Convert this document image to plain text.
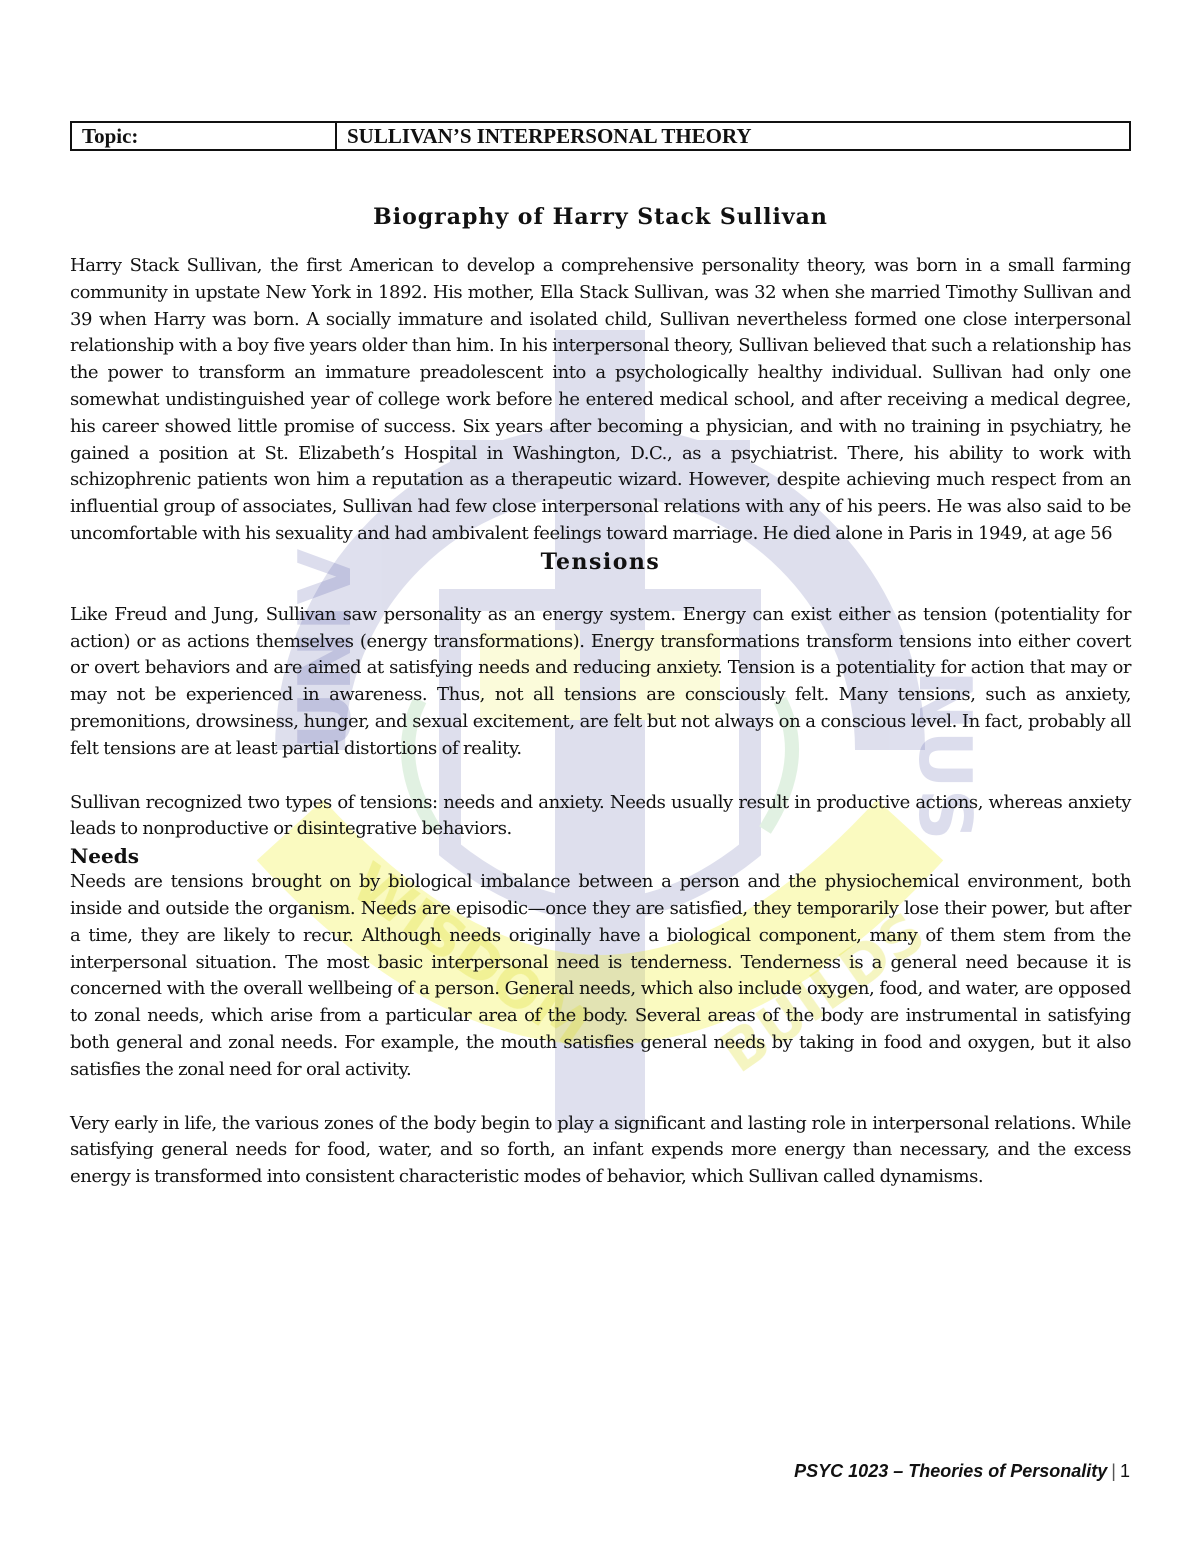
UNIV
NUS
WISDOM BUILDS
Topic:	SULLIVAN’S INTERPERSONAL THEORY
Biography of Harry Stack Sullivan

Harry Stack Sullivan, the first American to develop a comprehensive personality theory, was born in a small farming community in upstate New York in 1892. His mother, Ella Stack Sullivan, was 32 when she married Timothy Sullivan and 39 when Harry was born. A socially immature and isolated child, Sullivan nevertheless formed one close interpersonal relationship with a boy five years older than him. In his interpersonal theory, Sullivan believed that such a relationship has the power to transform an immature preadolescent into a psychologically healthy individual. Sullivan had only one somewhat undistinguished year of college work before he entered medical school, and after receiving a medical degree, his career showed little promise of success. Six years after becoming a physician, and with no training in psychiatry, he gained a position at St. Elizabeth’s Hospital in Washington, D.C., as a psychiatrist. There, his ability to work with schizophrenic patients won him a reputation as a therapeutic wizard. However, despite achieving much respect from an influential group of associates, Sullivan had few close interpersonal relations with any of his peers. He was also said to be uncomfortable with his sexuality and had ambivalent feelings toward marriage. He died alone in Paris in 1949, at age 56

Tensions

Like Freud and Jung, Sullivan saw personality as an energy system. Energy can exist either as tension (potentiality for action) or as actions themselves (energy transformations). Energy transformations transform tensions into either covert or overt behaviors and are aimed at satisfying needs and reducing anxiety. Tension is a potentiality for action that may or may not be experienced in awareness. Thus, not all tensions are consciously felt. Many tensions, such as anxiety, premonitions, drowsiness, hunger, and sexual excitement, are felt but not always on a conscious level. In fact, probably all felt tensions are at least partial distortions of reality.

Sullivan recognized two types of tensions: needs and anxiety. Needs usually result in productive actions, whereas anxiety leads to nonproductive or disintegrative behaviors.

Needs

Needs are tensions brought on by biological imbalance between a person and the physiochemical environment, both inside and outside the organism. Needs are episodic—once they are satisfied, they temporarily lose their power, but after a time, they are likely to recur. Although needs originally have a biological component, many of them stem from the interpersonal situation. The most basic interpersonal need is tenderness. Tenderness is a general need because it is concerned with the overall wellbeing of a person. General needs, which also include oxygen, food, and water, are opposed to zonal needs, which arise from a particular area of the body. Several areas of the body are instrumental in satisfying both general and zonal needs. For example, the mouth satisfies general needs by taking in food and oxygen, but it also satisfies the zonal need for oral activity.

Very early in life, the various zones of the body begin to play a significant and lasting role in interpersonal relations. While satisfying general needs for food, water, and so forth, an infant expends more energy than necessary, and the excess energy is transformed into consistent characteristic modes of behavior, which Sullivan called dynamisms.

PSYC 1023 – Theories of Personality | 1
